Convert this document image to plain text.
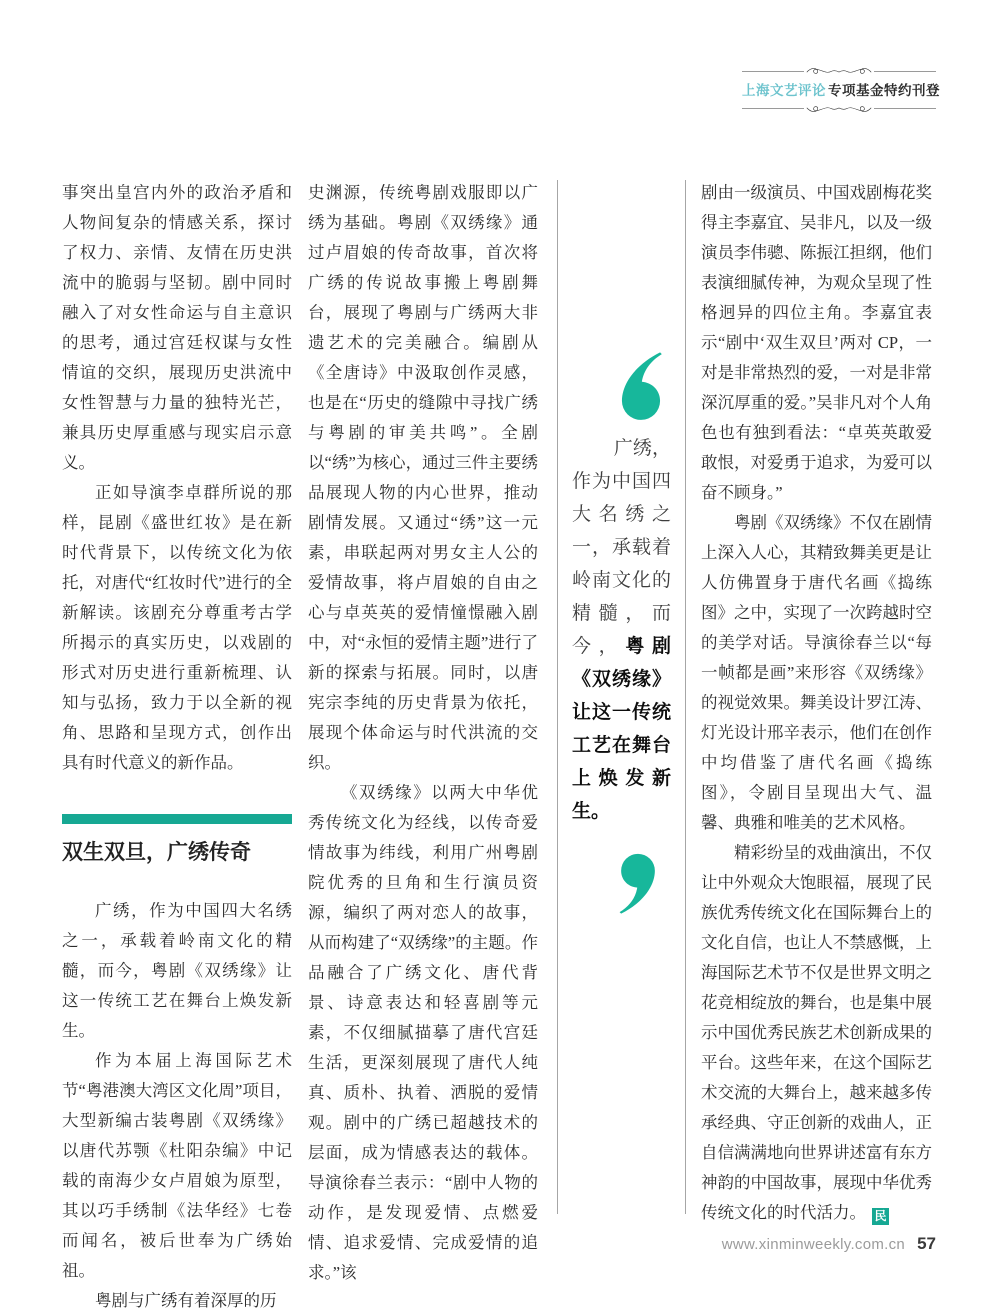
上海文艺评论 专项基金特约刊登

事突出皇宫内外的政治矛盾和人物间复杂的情感关系，探讨了权力、亲情、友情在历史洪流中的脆弱与坚韧。剧中同时融入了对女性命运与自主意识的思考，通过宫廷权谋与女性情谊的交织，展现历史洪流中女性智慧与力量的独特光芒，兼具历史厚重感与现实启示意义。

正如导演李卓群所说的那样，昆剧《盛世红妆》是在新时代背景下，以传统文化为依托，对唐代“红妆时代”进行的全新解读。该剧充分尊重考古学所揭示的真实历史，以戏剧的形式对历史进行重新梳理、认知与弘扬，致力于以全新的视角、思路和呈现方式，创作出具有时代意义的新作品。

双生双旦，广绣传奇

广绣，作为中国四大名绣之一，承载着岭南文化的精髓，而今，粤剧《双绣缘》让这一传统工艺在舞台上焕发新生。

作为本届上海国际艺术节“粤港澳大湾区文化周”项目，大型新编古装粤剧《双绣缘》以唐代苏颚《杜阳杂编》中记载的南海少女卢眉娘为原型，其以巧手绣制《法华经》七卷而闻名，被后世奉为广绣始祖。

粤剧与广绣有着深厚的历

史渊源，传统粤剧戏服即以广绣为基础。粤剧《双绣缘》通过卢眉娘的传奇故事，首次将广绣的传说故事搬上粤剧舞台，展现了粤剧与广绣两大非遗艺术的完美融合。编剧从《全唐诗》中汲取创作灵感，也是在“历史的缝隙中寻找广绣与粤剧的审美共鸣”。全剧以“绣”为核心，通过三件主要绣品展现人物的内心世界，推动剧情发展。又通过“绣”这一元素，串联起两对男女主人公的爱情故事，将卢眉娘的自由之心与卓英英的爱情憧憬融入剧中，对“永恒的爱情主题”进行了新的探索与拓展。同时，以唐宪宗李纯的历史背景为依托，展现个体命运与时代洪流的交织。

《双绣缘》以两大中华优秀传统文化为经线，以传奇爱情故事为纬线，利用广州粤剧院优秀的旦角和生行演员资源，编织了两对恋人的故事，从而构建了“双绣缘”的主题。作品融合了广绣文化、唐代背景、诗意表达和轻喜剧等元素，不仅细腻描摹了唐代宫廷生活，更深刻展现了唐代人纯真、质朴、执着、洒脱的爱情观。剧中的广绣已超越技术的层面，成为情感表达的载体。导演徐春兰表示：“剧中人物的动作，是发现爱情、点燃爱情、追求爱情、完成爱情的追求。”该

广绣，作为中国四大名绣之一，承载着岭南文化的精髓，而今，粤剧《双绣缘》让这一传统工艺在舞台上焕发新生。

剧由一级演员、中国戏剧梅花奖得主李嘉宜、吴非凡，以及一级演员李伟骢、陈振江担纲，他们表演细腻传神，为观众呈现了性格迥异的四位主角。李嘉宜表示“剧中‘双生双旦’两对 CP，一对是非常热烈的爱，一对是非常深沉厚重的爱。”吴非凡对个人角色也有独到看法：“卓英英敢爱敢恨，对爱勇于追求，为爱可以奋不顾身。”

粤剧《双绣缘》不仅在剧情上深入人心，其精致舞美更是让人仿佛置身于唐代名画《捣练图》之中，实现了一次跨越时空的美学对话。导演徐春兰以“每一帧都是画”来形容《双绣缘》的视觉效果。舞美设计罗江涛、灯光设计邢辛表示，他们在创作中均借鉴了唐代名画《捣练图》，令剧目呈现出大气、温馨、典雅和唯美的艺术风格。

精彩纷呈的戏曲演出，不仅让中外观众大饱眼福，展现了民族优秀传统文化在国际舞台上的文化自信，也让人不禁感慨，上海国际艺术节不仅是世界文明之花竞相绽放的舞台，也是集中展示中国优秀民族艺术创新成果的平台。这些年来，在这个国际艺术交流的大舞台上，越来越多传承经典、守正创新的戏曲人，正自信满满地向世界讲述富有东方神韵的中国故事，展现中华优秀传统文化的时代活力。 民

www.xinminweekly.com.cn 57
